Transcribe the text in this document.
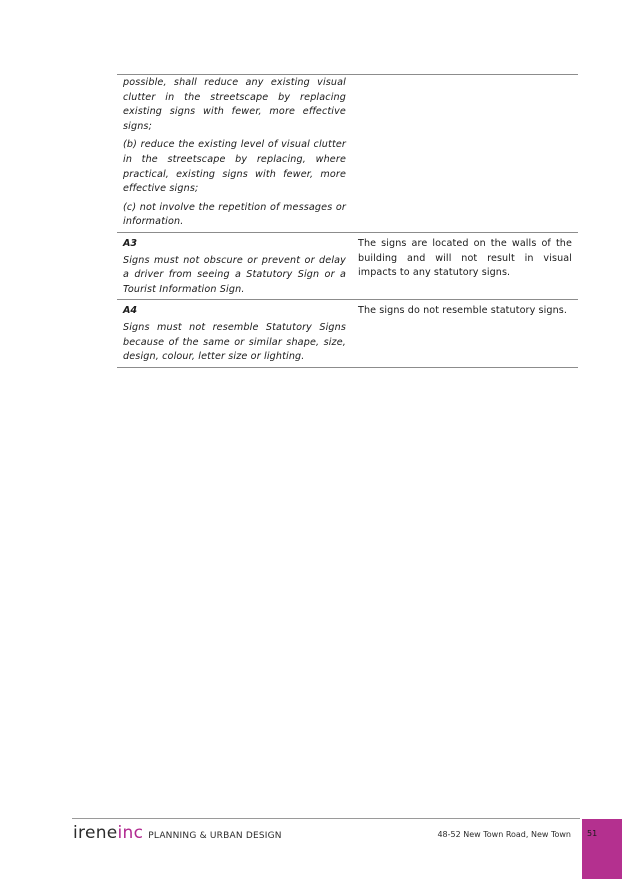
possible, shall reduce any existing visual clutter in the streetscape by replacing existing signs with fewer, more effective signs;

(b) reduce the existing level of visual clutter in the streetscape by replacing, where practical, existing signs with fewer, more effective signs;

(c) not involve the repetition of messages or information.	

A3

Signs must not obscure or prevent or delay a driver from seeing a Statutory Sign or a Tourist Information Sign.	The signs are located on the walls of the building and will not result in visual impacts to any statutory signs.

A4

Signs must not resemble Statutory Signs because of the same or similar shape, size, design, colour, letter size or lighting.	The signs do not resemble statutory signs.

irene inc PLANNING & URBAN DESIGN	48-52 New Town Road, New Town 51
